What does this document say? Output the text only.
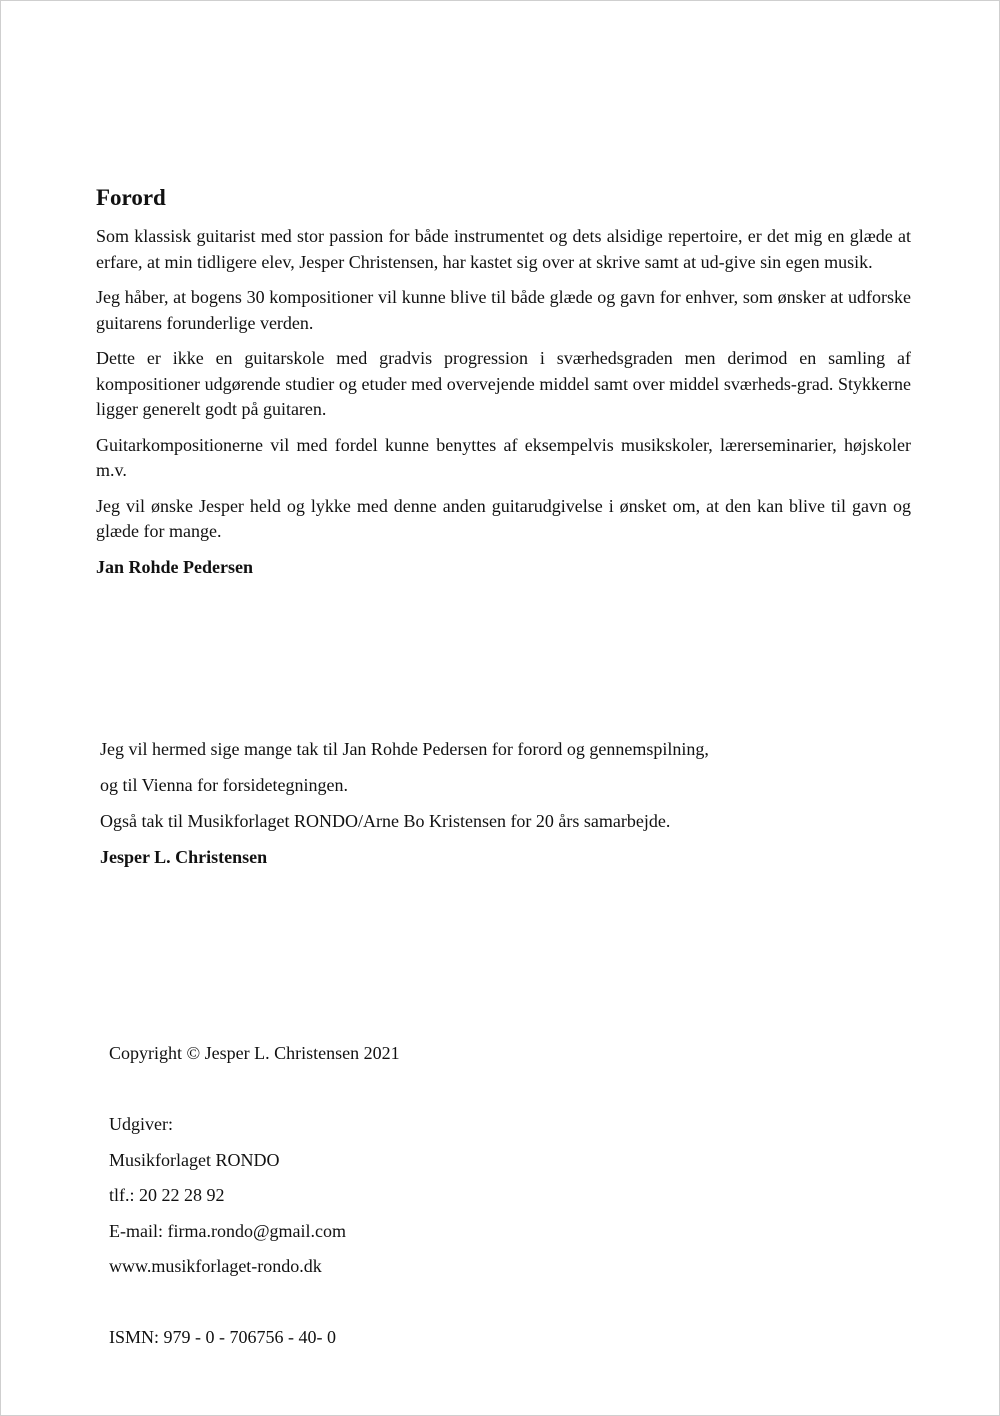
Forord

Som klassisk guitarist med stor passion for både instrumentet og dets alsidige repertoire, er det mig en glæde at erfare, at min tidligere elev, Jesper Christensen, har kastet sig over at skrive samt at ud-give sin egen musik.

Jeg håber, at bogens 30 kompositioner vil kunne blive til både glæde og gavn for enhver, som ønsker at udforske guitarens forunderlige verden.

Dette er ikke en guitarskole med gradvis progression i sværhedsgraden men derimod en samling af kompositioner udgørende studier og etuder med overvejende middel samt over middel sværheds-grad. Stykkerne ligger generelt godt på guitaren.

Guitarkompositionerne vil med fordel kunne benyttes af eksempelvis musikskoler, lærerseminarier, højskoler m.v.

Jeg vil ønske Jesper held og lykke med denne anden guitarudgivelse i ønsket om, at den kan blive til gavn og glæde for mange.

Jan Rohde Pedersen

Jeg vil hermed sige mange tak til Jan Rohde Pedersen for forord og gennemspilning,

og til Vienna for forsidetegningen.

Også tak til Musikforlaget RONDO/Arne Bo Kristensen for 20 års samarbejde.

Jesper L. Christensen

Copyright © Jesper L. Christensen 2021
Udgiver:
Musikforlaget RONDO
tlf.: 20 22 28 92
E-mail: firma.rondo@gmail.com
www.musikforlaget-rondo.dk
ISMN: 979 - 0 - 706756 - 40- 0
